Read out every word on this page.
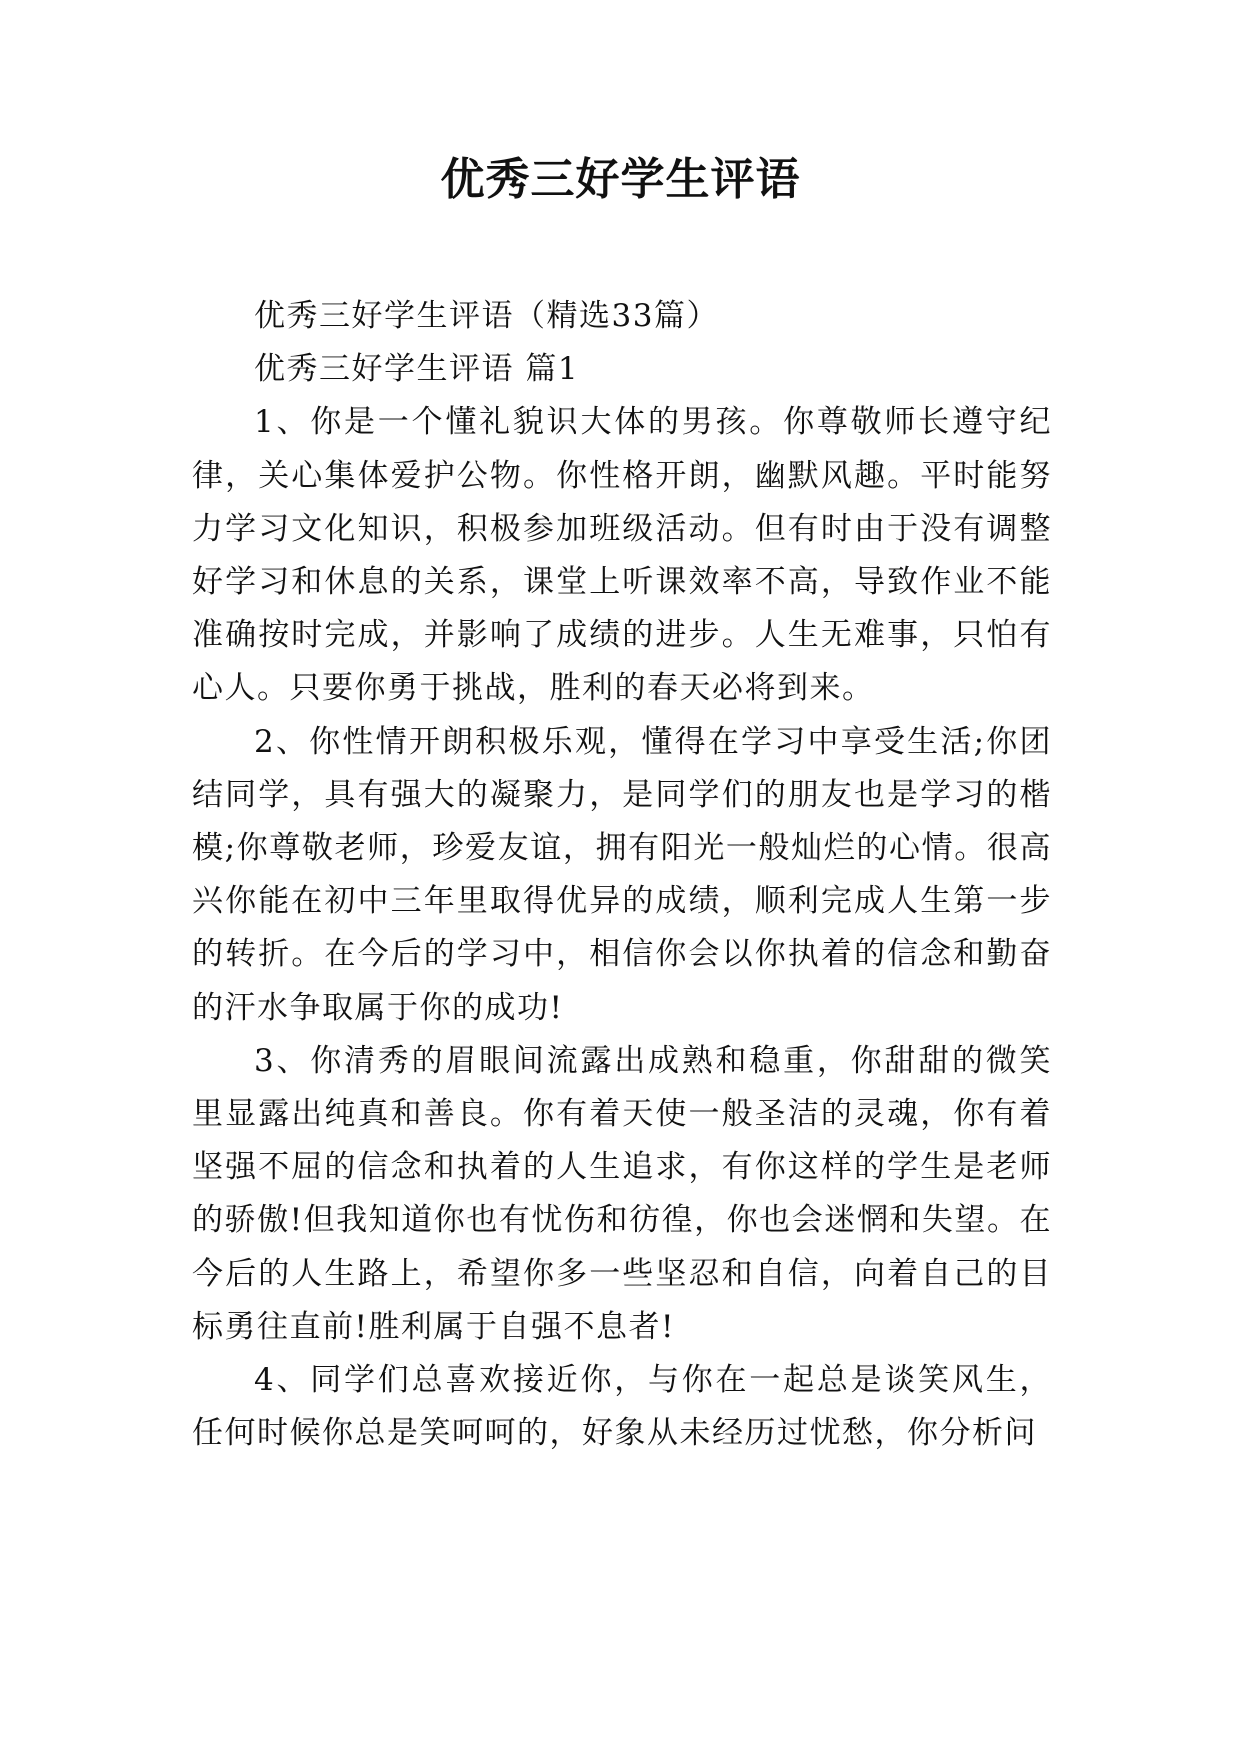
优秀三好学生评语

优秀三好学生评语（精选33篇）

优秀三好学生评语 篇1

1、你是一个懂礼貌识大体的男孩。你尊敬师长遵守纪律，关心集体爱护公物。你性格开朗，幽默风趣。平时能努力学习文化知识，积极参加班级活动。但有时由于没有调整好学习和休息的关系，课堂上听课效率不高，导致作业不能准确按时完成，并影响了成绩的进步。人生无难事，只怕有心人。只要你勇于挑战，胜利的春天必将到来。

2、你性情开朗积极乐观，懂得在学习中享受生活;你团结同学，具有强大的凝聚力，是同学们的朋友也是学习的楷模;你尊敬老师，珍爱友谊，拥有阳光一般灿烂的心情。很高兴你能在初中三年里取得优异的成绩，顺利完成人生第一步的转折。在今后的学习中，相信你会以你执着的信念和勤奋的汗水争取属于你的成功!

3、你清秀的眉眼间流露出成熟和稳重，你甜甜的微笑里显露出纯真和善良。你有着天使一般圣洁的灵魂，你有着坚强不屈的信念和执着的人生追求，有你这样的学生是老师的骄傲!但我知道你也有忧伤和彷徨，你也会迷惘和失望。在今后的人生路上，希望你多一些坚忍和自信，向着自己的目标勇往直前!胜利属于自强不息者!

4、同学们总喜欢接近你，与你在一起总是谈笑风生，任何时候你总是笑呵呵的，好象从未经历过忧愁，你分析问
